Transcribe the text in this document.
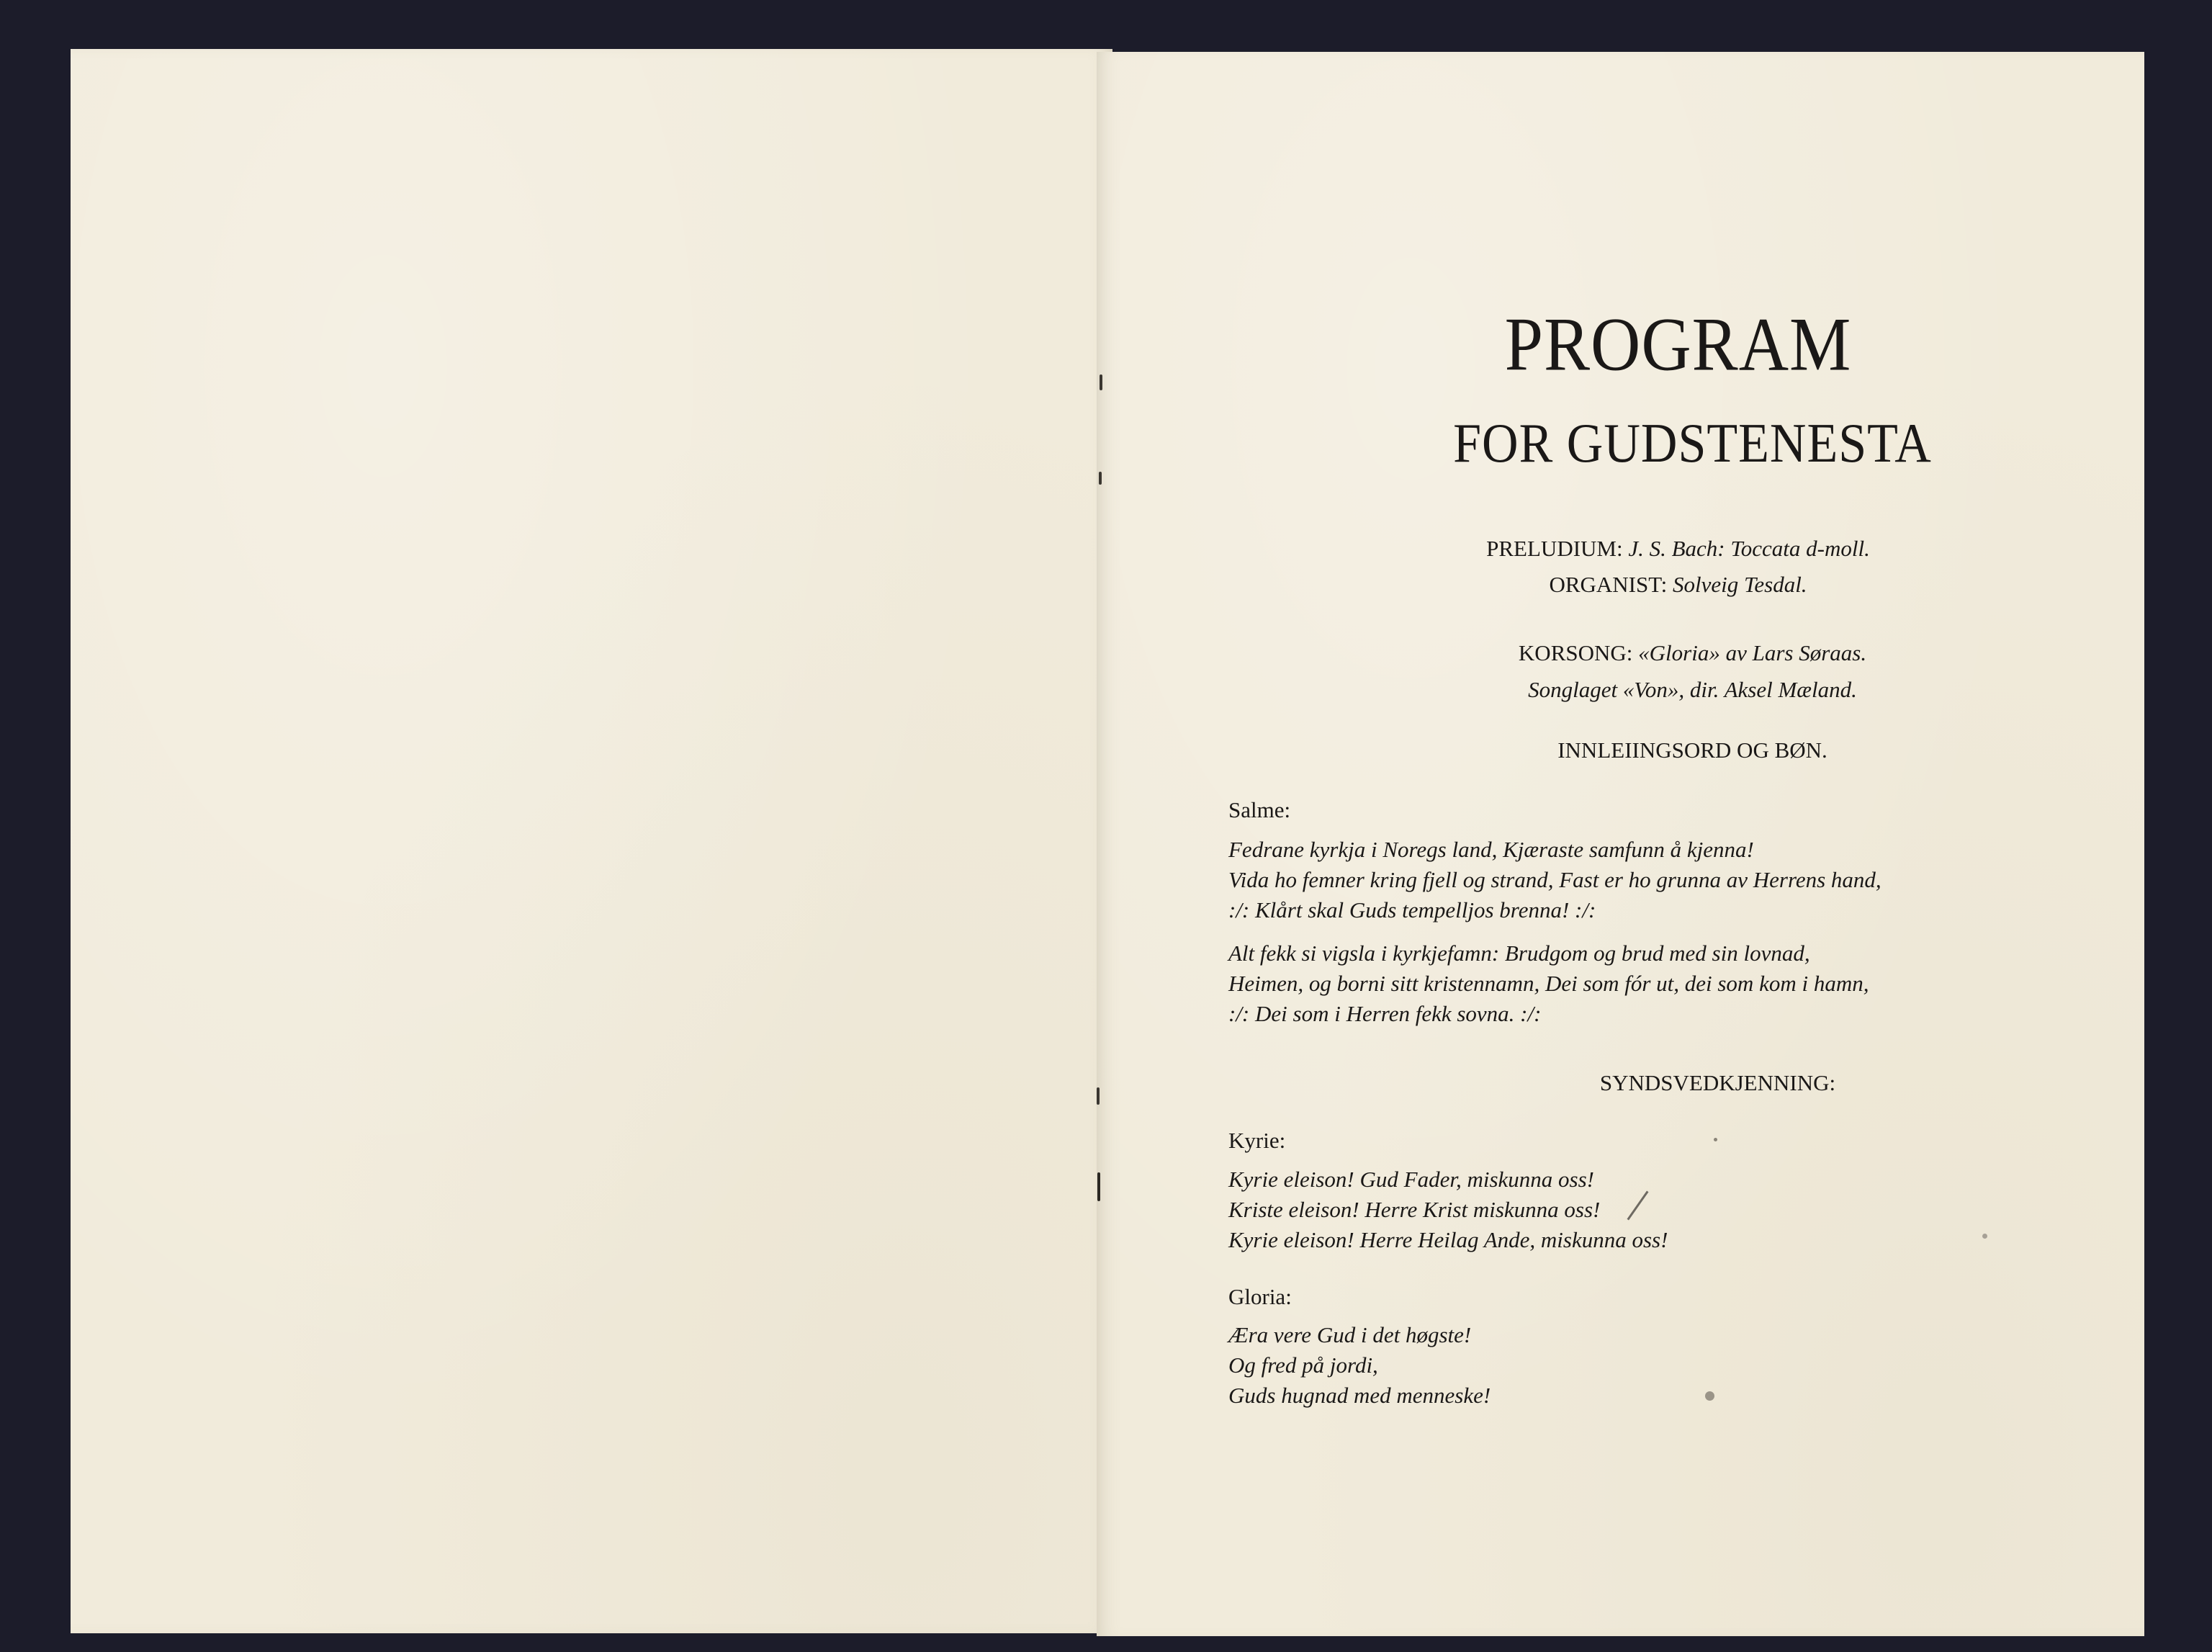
PROGRAM
FOR GUDSTENESTA
PRELUDIUM: J. S. Bach: Toccata d-moll.
ORGANIST: Solveig Tesdal.
KORSONG: «Gloria» av Lars Søraas.
Songlaget «Von», dir. Aksel Mæland.
INNLEIINGSORD OG BØN.
Salme:
Fedrane kyrkja i Noregs land, Kjæraste samfunn å kjenna!
Vida ho femner kring fjell og strand, Fast er ho grunna av Herrens hand,
:/: Klårt skal Guds tempelljos brenna! :/:
Alt fekk si vigsla i kyrkjefamn: Brudgom og brud med sin lovnad,
Heimen, og borni sitt kristennamn, Dei som fór ut, dei som kom i hamn,
:/: Dei som i Herren fekk sovna. :/:
SYNDSVEDKJENNING:
Kyrie:
Kyrie eleison! Gud Fader, miskunna oss!
Kriste eleison! Herre Krist miskunna oss!
Kyrie eleison! Herre Heilag Ande, miskunna oss!
Gloria:
Æra vere Gud i det høgste!
Og fred på jordi,
Guds hugnad med menneske!
